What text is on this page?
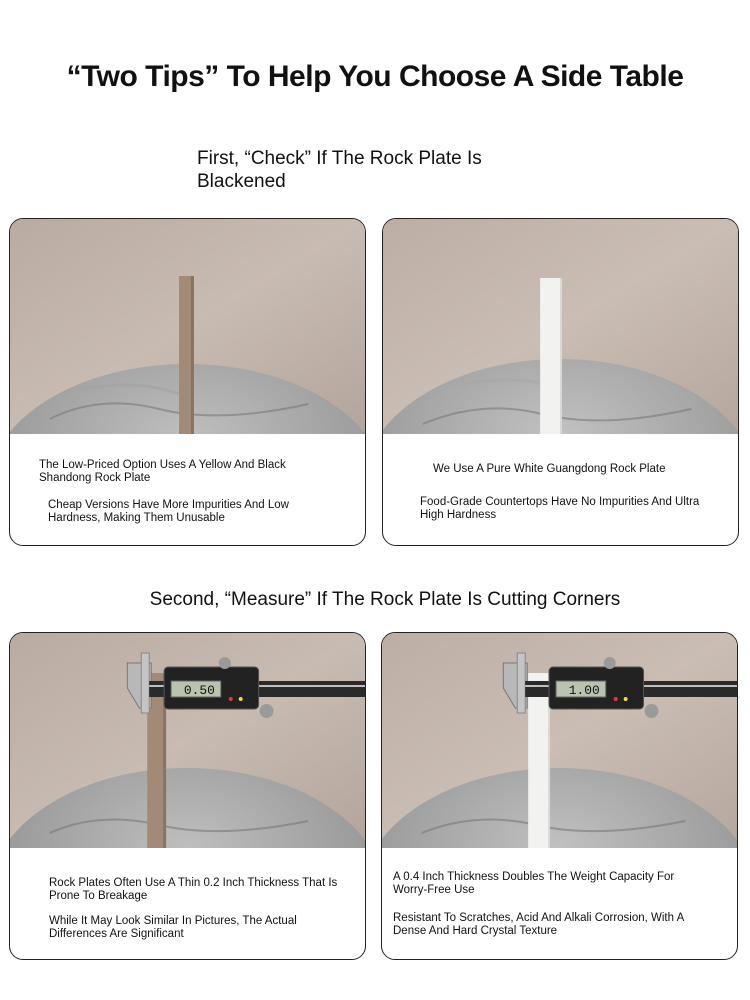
“Two Tips” To Help You Choose A Side Table
First, “Check” If The Rock Plate Is Blackened
The Low-Priced Option Uses A Yellow And Black Shandong Rock Plate
Cheap Versions Have More Impurities And Low Hardness, Making Them Unusable
We Use A Pure White Guangdong Rock Plate
Food-Grade Countertops Have No Impurities And Ultra High Hardness
Second, “Measure” If The Rock Plate Is Cutting Corners
0.50
Rock Plates Often Use A Thin 0.2 Inch Thickness That Is Prone To Breakage
While It May Look Similar In Pictures, The Actual Differences Are Significant
1.00
A 0.4 Inch Thickness Doubles The Weight Capacity For Worry-Free Use
Resistant To Scratches, Acid And Alkali Corrosion, With A Dense And Hard Crystal Texture
